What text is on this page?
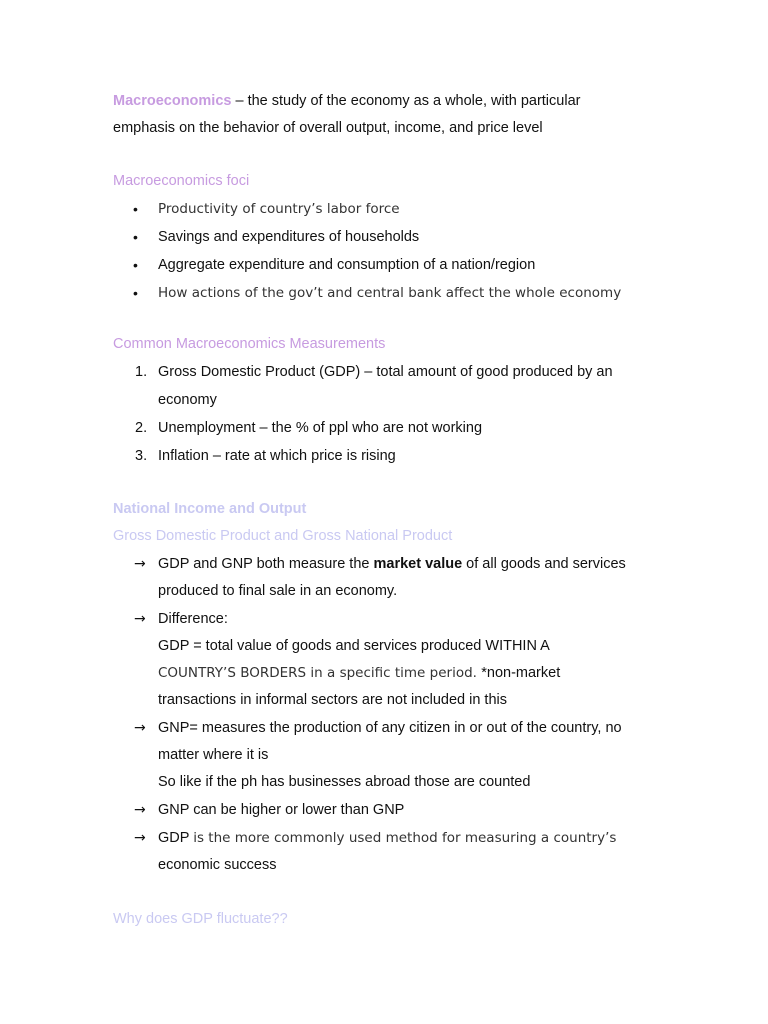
Macroeconomics – the study of the economy as a whole, with particular

emphasis on the behavior of overall output, income, and price level

Macroeconomics foci
• Productivity of country’s labor force
• Savings and expenditures of households
• Aggregate expenditure and consumption of a nation/region
• How actions of the gov’t and central bank affect the whole economy
Common Macroeconomics Measurements
1. Gross Domestic Product (GDP) – total amount of good produced by an
economy
2. Unemployment – the % of ppl who are not working
3. Inflation – rate at which price is rising
National Income and Output
Gross Domestic Product and Gross National Product
→ GDP and GNP both measure the market value of all goods and services
produced to final sale in an economy.
→ Difference:
GDP = total value of goods and services produced WITHIN A
COUNTRY’S BORDERS in a specific time period. *non-market
transactions in informal sectors are not included in this
→ GNP= measures the production of any citizen in or out of the country, no
matter where it is
So like if the ph has businesses abroad those are counted
→ GNP can be higher or lower than GNP
→ GDP is the more commonly used method for measuring a country’s
economic success
Why does GDP fluctuate??
